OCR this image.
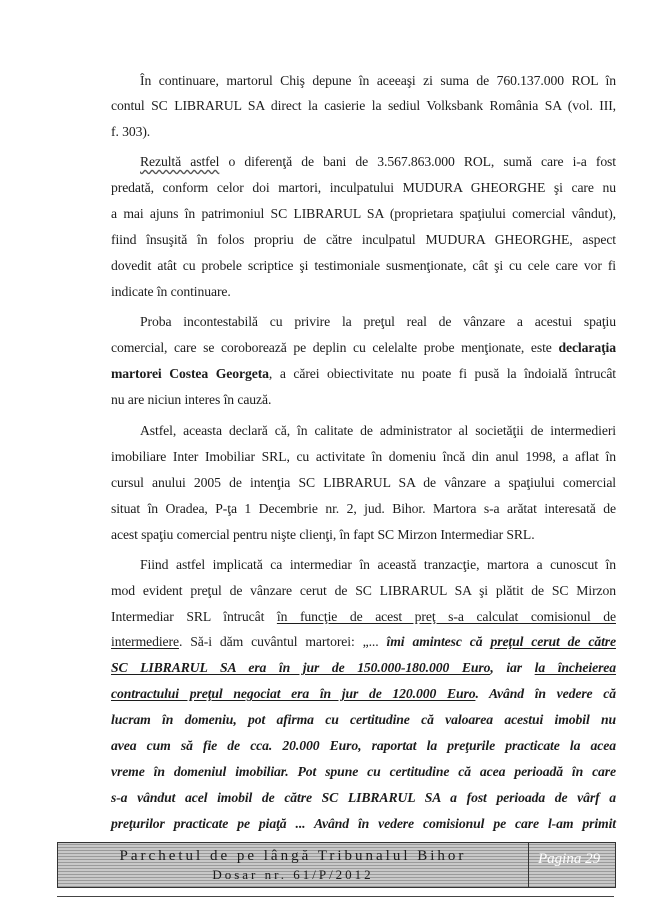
În continuare, martorul Chiş depune în aceeaşi zi suma de 760.137.000 ROL în
contul SC LIBRARUL SA direct la casierie la sediul Volksbank România SA (vol. III,
f. 303).
Rezultă astfel o diferenţă de bani de 3.567.863.000 ROL, sumă care i-a fost
predată, conform celor doi martori, inculpatului MUDURA GHEORGHE şi care nu
a mai ajuns în patrimoniul SC LIBRARUL SA (proprietara spaţiului comercial vândut),
fiind însuşită în folos propriu de către inculpatul MUDURA GHEORGHE, aspect
dovedit atât cu probele scriptice şi testimoniale susmenţionate, cât şi cu cele care vor fi
indicate în continuare.
Proba incontestabilă cu privire la preţul real de vânzare a acestui spaţiu
comercial, care se coroborează pe deplin cu celelalte probe menţionate, este declaraţia
martorei Costea Georgeta, a cărei obiectivitate nu poate fi pusă la îndoială întrucât
nu are niciun interes în cauză.
Astfel, aceasta declară că, în calitate de administrator al societăţii de intermedieri
imobiliare Inter Imobiliar SRL, cu activitate în domeniu încă din anul 1998, a aflat în
cursul anului 2005 de intenţia SC LIBRARUL SA de vânzare a spaţiului comercial
situat în Oradea, P-ţa 1 Decembrie nr. 2, jud. Bihor. Martora s-a arătat interesată de
acest spaţiu comercial pentru nişte clienţi, în fapt SC Mirzon Intermediar SRL.
Fiind astfel implicată ca intermediar în această tranzacţie, martora a cunoscut în
mod evident preţul de vânzare cerut de SC LIBRARUL SA şi plătit de SC Mirzon
Intermediar SRL întrucât în funcţie de acest preţ s-a calculat comisionul de
intermediere. Să-i dăm cuvântul martorei: „... îmi amintesc că preţul cerut de către
SC LIBRARUL SA era în jur de 150.000-180.000 Euro, iar la încheierea
contractului preţul negociat era în jur de 120.000 Euro. Având în vedere că
lucram în domeniu, pot afirma cu certitudine că valoarea acestui imobil nu
avea cum să fie de cca. 20.000 Euro, raportat la preţurile practicate la acea
vreme în domeniul imobiliar. Pot spune cu certitudine că acea perioadă în care
s-a vândut acel imobil de către SC LIBRARUL SA a fost perioada de vârf a
preţurilor practicate pe piaţă ... Având în vedere comisionul pe care l-am primit
Parchetul de pe lângă Tribunalul Bihor
Dosar nr. 61/P/2012
Pagina 29
